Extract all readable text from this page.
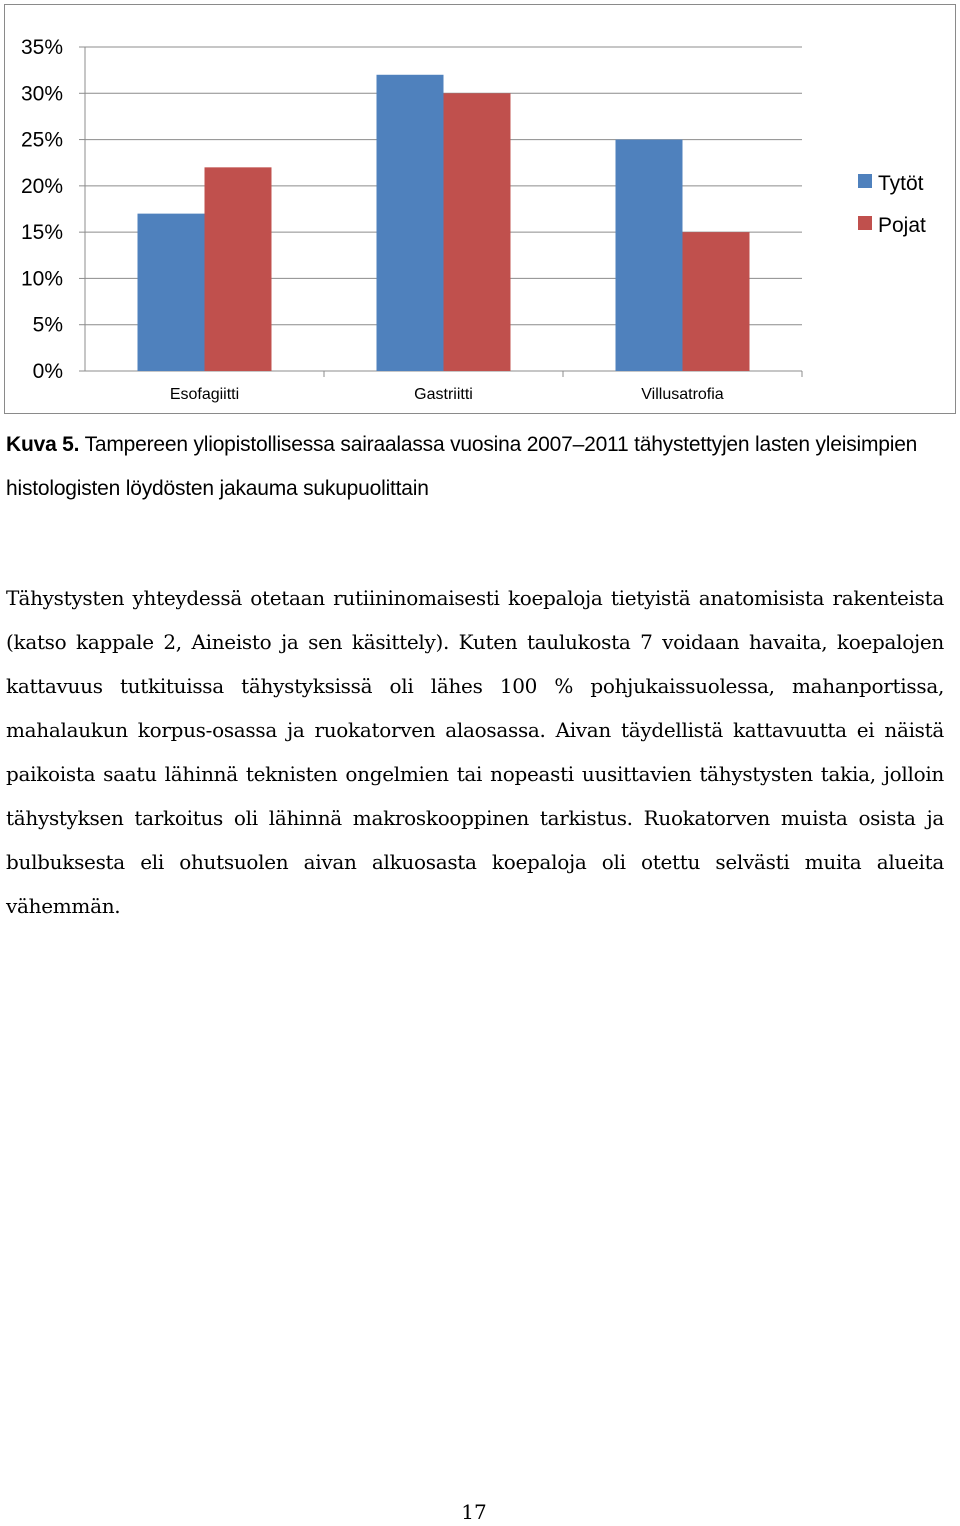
0%
5%
10%
15%
20%
25%
30%
35%
Esofagiitti	Gastriitti	Villusatrofia
Tytöt
Pojat
Kuva 5. Tampereen yliopistollisessa sairaalassa vuosina 2007–2011 tähystettyjen lasten yleisimpien histologisten löydösten jakauma sukupuolittain
Tähystysten yhteydessä otetaan rutiininomaisesti koepaloja tietyistä anatomisista rakenteista (katso kappale 2, Aineisto ja sen käsittely). Kuten taulukosta 7 voidaan havaita, koepalojen kattavuus tutkituissa tähystyksissä oli lähes 100 % pohjukaissuolessa, mahanportissa, mahalaukun korpus-osassa ja ruokatorven alaosassa. Aivan täydellistä kattavuutta ei näistä paikoista saatu lähinnä teknisten ongelmien tai nopeasti uusittavien tähystysten takia, jolloin tähystyksen tarkoitus oli lähinnä makroskooppinen tarkistus. Ruokatorven muista osista ja bulbuksesta eli ohutsuolen aivan alkuosasta koepaloja oli otettu selvästi muita alueita vähemmän.
17
